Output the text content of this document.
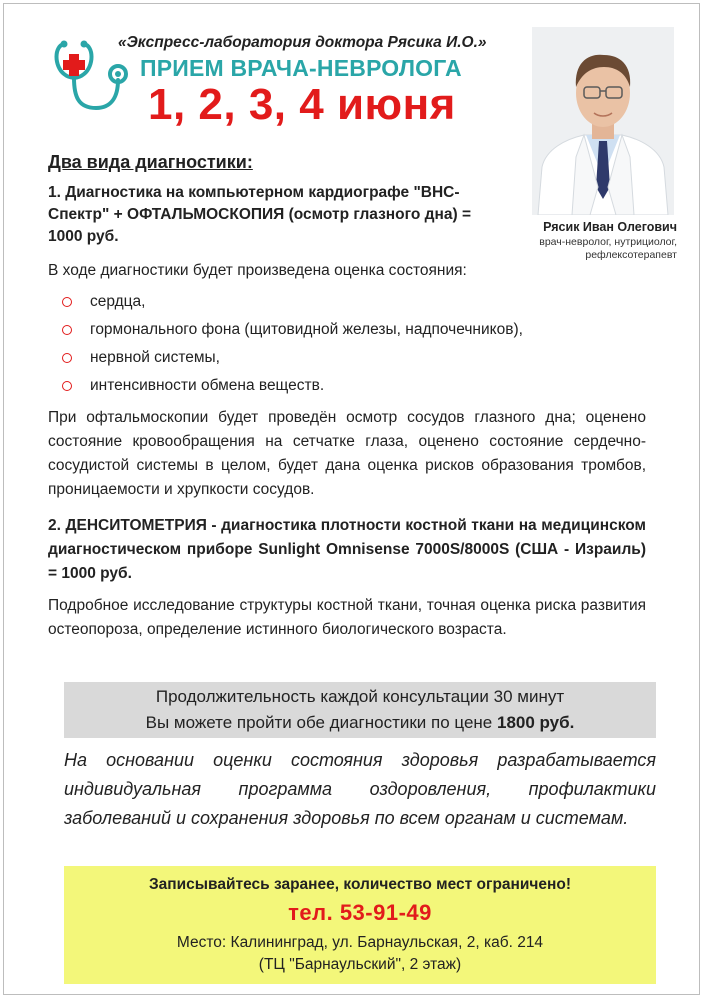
«Экспресс-лаборатория доктора Рясика И.О.»
ПРИЕМ ВРАЧА-НЕВРОЛОГА
1, 2, 3, 4 июня
Рясик Иван Олегович
врач-невролог, нутрициолог,
рефлексотерапевт
Два вида диагностики:
1. Диагностика на компьютерном кардиографе "ВНС-Спектр" + ОФТАЛЬМОСКОПИЯ (осмотр глазного дна) = 1000 руб.
В ходе диагностики будет произведена оценка состояния:
сердца,
гормонального фона (щитовидной железы, надпочечников),
нервной системы,
интенсивности обмена веществ.
При офтальмоскопии будет проведён осмотр сосудов глазного дна; оценено состояние кровообращения на сетчатке глаза, оценено состояние сердечно-сосудистой системы в целом, будет дана оценка рисков образования тромбов, проницаемости и хрупкости сосудов.
2. ДЕНСИТОМЕТРИЯ - диагностика плотности костной ткани на медицинском диагностическом приборе Sunlight Omnisense 7000S/8000S (США - Израиль) = 1000 руб.
Подробное исследование структуры костной ткани, точная оценка риска развития остеопороза, определение истинного биологического возраста.
Продолжительность каждой консультации 30 минут
Вы можете пройти обе диагностики по цене 1800 руб.
На основании оценки состояния здоровья разрабатывается индивидуальная программа оздоровления, профилактики заболеваний и сохранения здоровья по всем органам и системам.
Записывайтесь заранее, количество мест ограничено!
тел. 53-91-49
Место: Калининград, ул. Барнаульская, 2, каб. 214
(ТЦ "Барнаульский", 2 этаж)
